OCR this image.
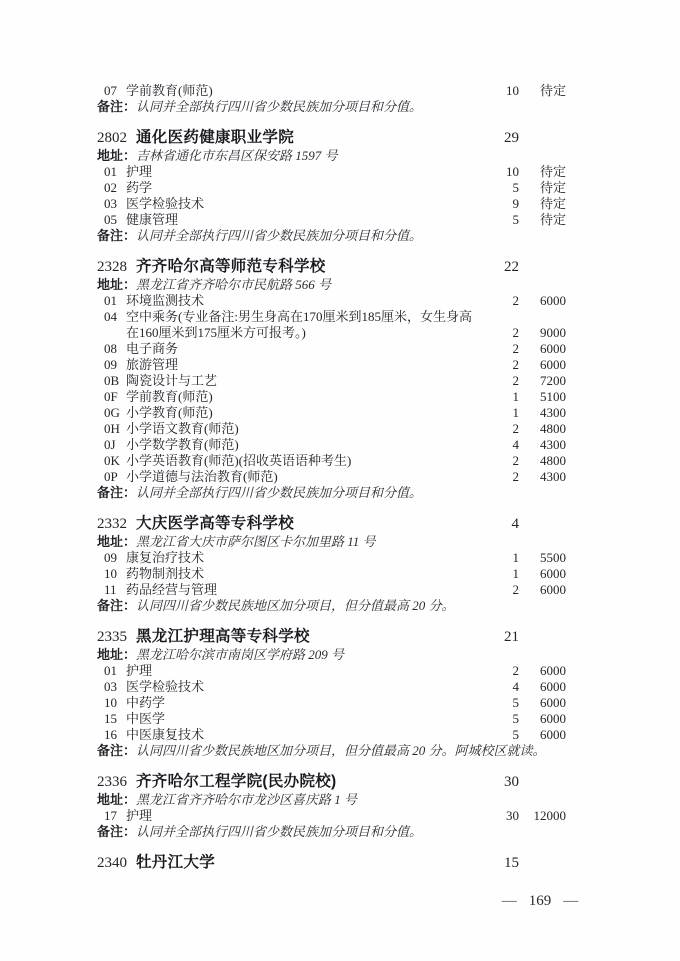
07 学前教育(师范)	10	待定
备注： 认同并全部执行四川省少数民族加分项目和分值。
2802 通化医药健康职业学院	29
地址： 吉林省通化市东昌区保安路 1597 号
01 护理	10	待定
02 药学	5	待定
03 医学检验技术	9	待定
05 健康管理	5	待定
备注： 认同并全部执行四川省少数民族加分项目和分值。
2328 齐齐哈尔高等师范专科学校	22
地址： 黑龙江省齐齐哈尔市民航路 566 号
01 环境监测技术	2	6000
04 空中乘务(专业备注:男生身高在170厘米到185厘米，女生身高在160厘米到175厘米方可报考。)	2	9000
08 电子商务	2	6000
09 旅游管理	2	6000
0B 陶瓷设计与工艺	2	7200
0F 学前教育(师范)	1	5100
0G 小学教育(师范)	1	4300
0H 小学语文教育(师范)	2	4800
0J 小学数学教育(师范)	4	4300
0K 小学英语教育(师范)(招收英语语种考生)	2	4800
0P 小学道德与法治教育(师范)	2	4300
备注： 认同并全部执行四川省少数民族加分项目和分值。
2332 大庆医学高等专科学校	4
地址： 黑龙江省大庆市萨尔图区卡尔加里路 11 号
09 康复治疗技术	1	5500
10 药物制剂技术	1	6000
11 药品经营与管理	2	6000
备注： 认同四川省少数民族地区加分项目，但分值最高 20 分。
2335 黑龙江护理高等专科学校	21
地址： 黑龙江哈尔滨市南岗区学府路 209 号
01 护理	2	6000
03 医学检验技术	4	6000
10 中药学	5	6000
15 中医学	5	6000
16 中医康复技术	5	6000
备注： 认同四川省少数民族地区加分项目，但分值最高 20 分。阿城校区就读。
2336 齐齐哈尔工程学院(民办院校)	30
地址： 黑龙江省齐齐哈尔市龙沙区喜庆路 1 号
17 护理	30	12000
备注： 认同并全部执行四川省少数民族加分项目和分值。
2340 牡丹江大学	15
— 169 —
